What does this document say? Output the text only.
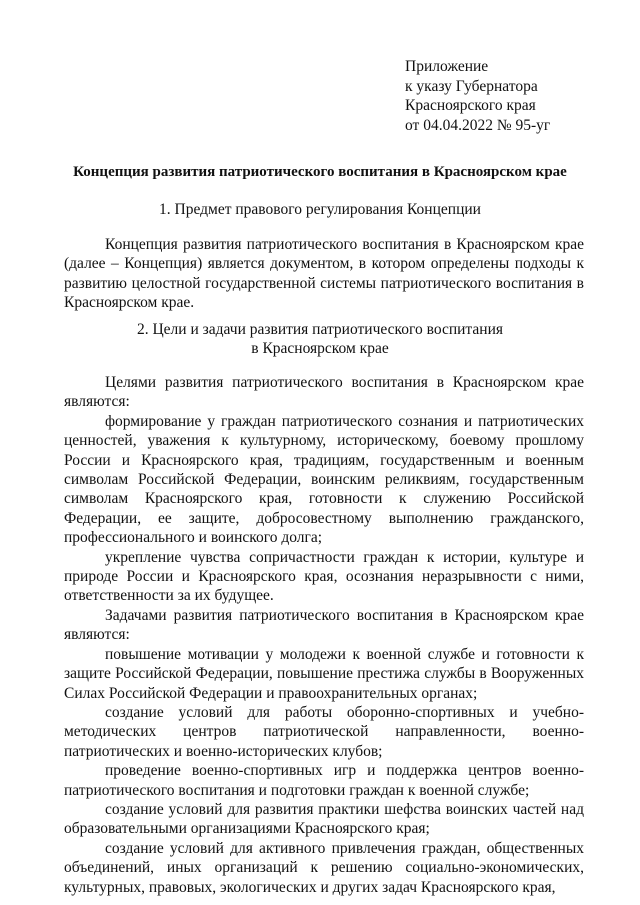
Приложение
к указу Губернатора
Красноярского края
от 04.04.2022 № 95-уг
Концепция развития патриотического воспитания в Красноярском крае
1. Предмет правового регулирования Концепции

Концепция развития патриотического воспитания в Красноярском крае (далее – Концепция) является документом, в котором определены подходы к развитию целостной государственной системы патриотического воспитания в Красноярском крае.

2. Цели и задачи развития патриотического воспитания
в Красноярском крае

Целями развития патриотического воспитания в Красноярском крае являются:

формирование у граждан патриотического сознания и патриотических ценностей, уважения к культурному, историческому, боевому прошлому России и Красноярского края, традициям, государственным и военным символам Российской Федерации, воинским реликвиям, государственным символам Красноярского края, готовности к служению Российской Федерации, ее защите, добросовестному выполнению гражданского, профессионального и воинского долга;

укрепление чувства сопричастности граждан к истории, культуре и природе России и Красноярского края, осознания неразрывности с ними, ответственности за их будущее.

Задачами развития патриотического воспитания в Красноярском крае являются:

повышение мотивации у молодежи к военной службе и готовности к защите Российской Федерации, повышение престижа службы в Вооруженных Силах Российской Федерации и правоохранительных органах;

создание условий для работы оборонно-спортивных и учебно-методических центров патриотической направленности, военно-патриотических и военно-исторических клубов;

проведение военно-спортивных игр и поддержка центров военно-патриотического воспитания и подготовки граждан к военной службе;

создание условий для развития практики шефства воинских частей над образовательными организациями Красноярского края;

создание условий для активного привлечения граждан, общественных объединений, иных организаций к решению социально-экономических, культурных, правовых, экологических и других задач Красноярского края,
